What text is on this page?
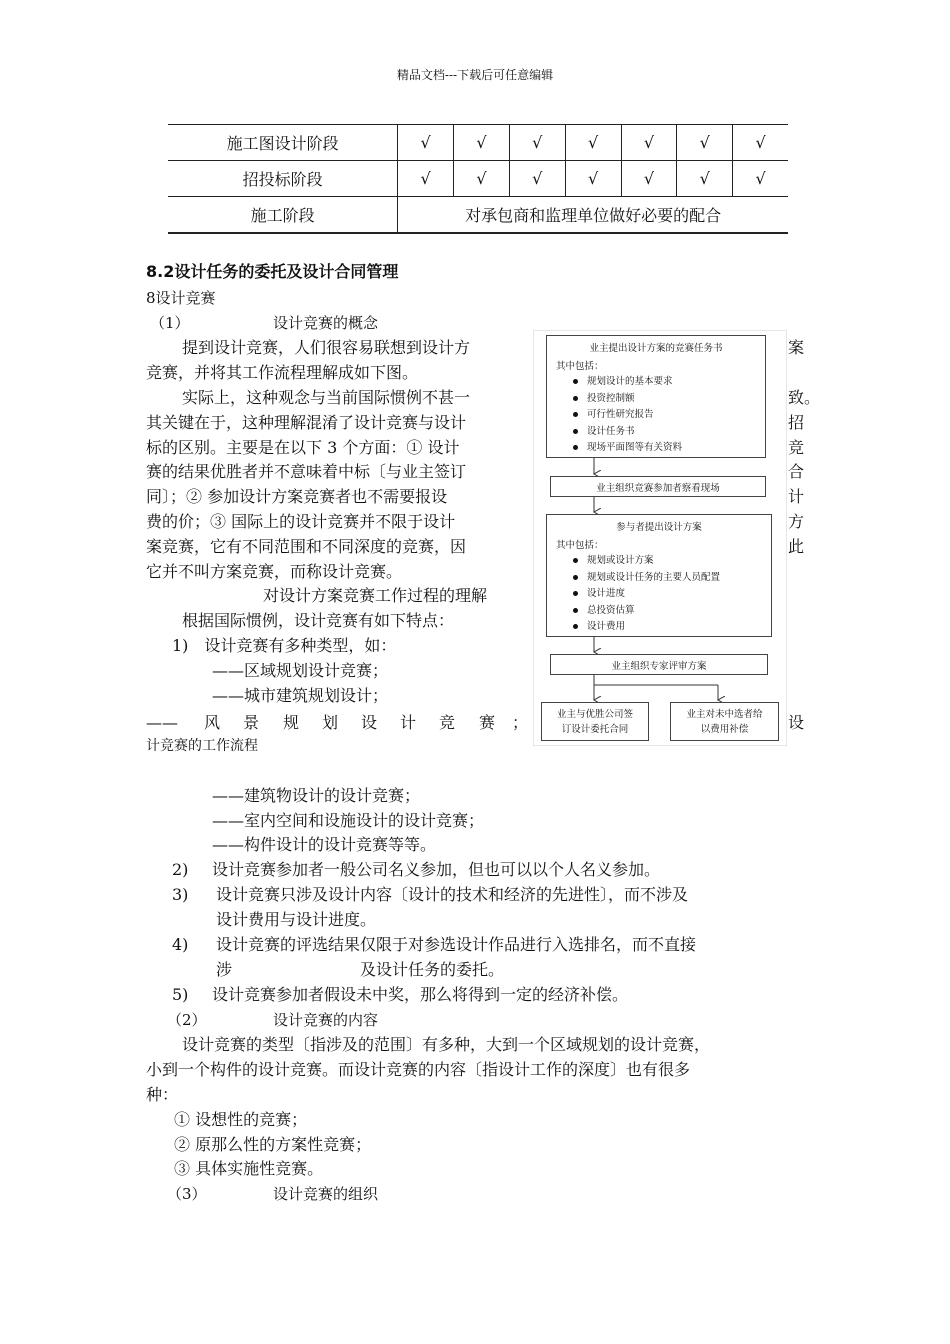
精品文档---下载后可任意编辑
施工图设计阶段	√	√	√	√	√	√	√
招投标阶段	√	√	√	√	√	√	√
施工阶段	对承包商和监理单位做好必要的配合						
8.2设计任务的委托及设计合同管理
8设计竞赛
（1）	设计竞赛的概念
提到设计竞赛，人们很容易联想到设计方
竞赛，并将其工作流程理解成如下图。
实际上，这种观念与当前国际惯例不甚一
其关键在于，这种理解混淆了设计竞赛与设计
标的区别。主要是在以下 3 个方面：① 设计
赛的结果优胜者并不意味着中标〔与业主签订
同〕；② 参加设计方案竞赛者也不需要报设
费的价；③ 国际上的设计竞赛并不限于设计
案竞赛，它有不同范围和不同深度的竞赛，因
它并不叫方案竞赛，而称设计竞赛。
对设计方案竞赛工作过程的理解
根据国际惯例，设计竞赛有如下特点：
1)　设计竞赛有多种类型，如：
——区域规划设计竞赛；
——城市建筑规划设计；
案
致。
招
竞
合
计
方
此
设
—— 风 景 规 划 设 计 竞 赛 ；
计竞赛的工作流程
业主提出设计方案的竞赛任务书
其中包括：
规划设计的基本要求
投资控制额
可行性研究报告
设计任务书
现场平面图等有关资料
业主组织竞赛参加者察看现场
参与者提出设计方案
其中包括：
规划或设计方案
规划或设计任务的主要人员配置
设计进度
总投资估算
设计费用
业主组织专家评审方案
业主与优胜公司签
订设计委托合同
业主对未中选者给
以费用补偿
——建筑物设计的设计竞赛；
——室内空间和设施设计的设计竞赛；
——构件设计的设计竞赛等等。
2) 设计竞赛参加者一般公司名义参加，但也可以以个人名义参加。
3) 设计竞赛只涉及设计内容〔设计的技术和经济的先进性〕，而不涉及
设计费用与设计进度。
4) 设计竞赛的评选结果仅限于对参选设计作品进行入选排名，而不直接
涉	及设计任务的委托。
5) 设计竞赛参加者假设未中奖，那么将得到一定的经济补偿。
（2）	设计竞赛的内容
设计竞赛的类型〔指涉及的范围〕有多种，大到一个区域规划的设计竞赛，
小到一个构件的设计竞赛。而设计竞赛的内容〔指设计工作的深度〕也有很多
种：
① 设想性的竞赛；
② 原那么性的方案性竞赛；
③ 具体实施性竞赛。
（3）	设计竞赛的组织
